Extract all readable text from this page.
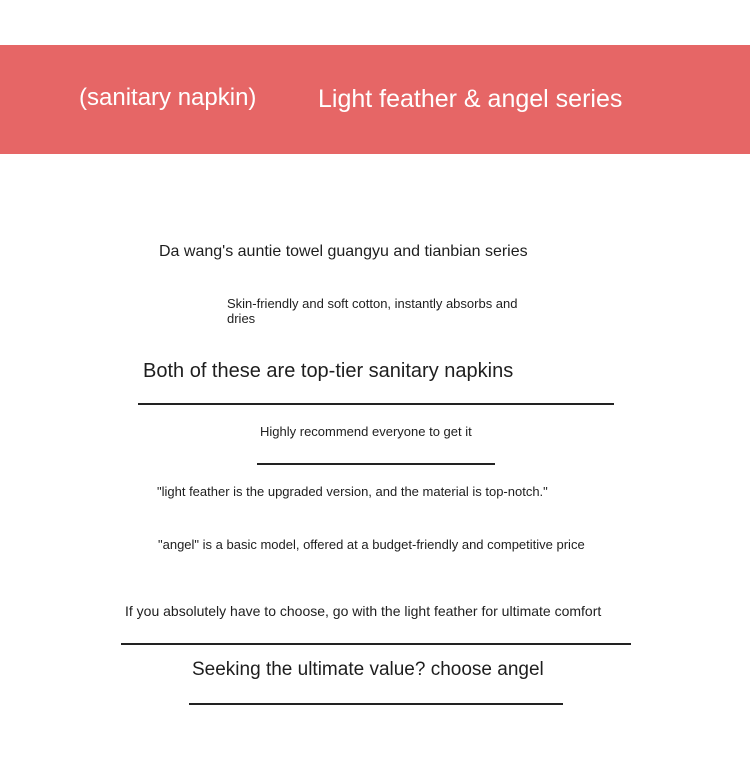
(sanitary napkin) Light feather & angel series
Da wang's auntie towel guangyu and tianbian series
Skin-friendly and soft cotton, instantly absorbs and dries
Both of these are top-tier sanitary napkins
Highly recommend everyone to get it
"light feather is the upgraded version, and the material is top-notch."
"angel" is a basic model, offered at a budget-friendly and competitive price
If you absolutely have to choose, go with the light feather for ultimate comfort
Seeking the ultimate value? choose angel
